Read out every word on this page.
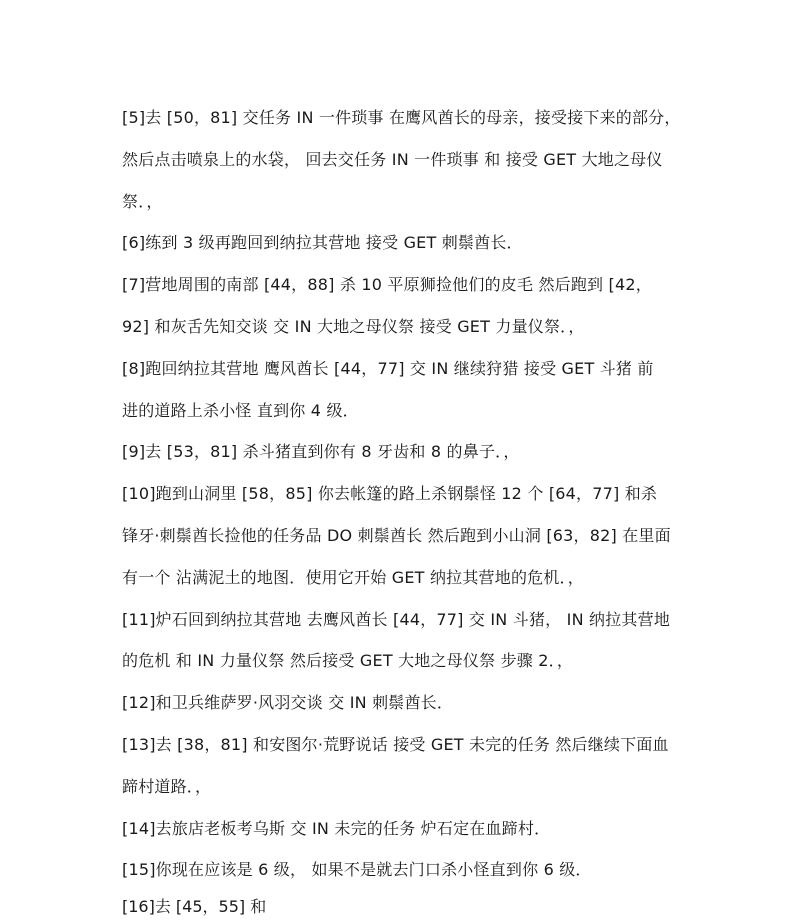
[5]去 [50，81] 交任务 IN 一件琐事 在鹰风酋长的母亲，接受接下来的部分，
然后点击喷泉上的水袋， 回去交任务 IN 一件琐事 和 接受 GET 大地之母仪
祭．，
[6]练到 3 级再跑回到纳拉其营地 接受 GET 刺鬃酋长．
[7]营地周围的南部 [44，88] 杀 10 平原狮捡他们的皮毛 然后跑到 [42，
92] 和灰舌先知交谈 交 IN 大地之母仪祭 接受 GET 力量仪祭．，
[8]跑回纳拉其营地 鹰风酋长 [44，77] 交 IN 继续狩猎 接受 GET 斗猪 前
进的道路上杀小怪 直到你 4 级．
[9]去 [53，81] 杀斗猪直到你有 8 牙齿和 8 的鼻子．，
[10]跑到山洞里 [58，85] 你去帐篷的路上杀钢鬃怪 12 个 [64，77] 和杀
锋牙·刺鬃酋长捡他的任务品 DO 刺鬃酋长 然后跑到小山洞 [63，82] 在里面
有一个 沾满泥土的地图．使用它开始 GET 纳拉其营地的危机．，
[11]炉石回到纳拉其营地 去鹰风酋长 [44，77] 交 IN 斗猪， IN 纳拉其营地
的危机 和 IN 力量仪祭 然后接受 GET 大地之母仪祭 步骤 2．，
[12]和卫兵维萨罗·风羽交谈 交 IN 刺鬃酋长．
[13]去 [38，81] 和安图尔·荒野说话 接受 GET 未完的任务 然后继续下面血
蹄村道路．，
[14]去旅店老板考乌斯 交 IN 未完的任务 炉石定在血蹄村．
[15]你现在应该是 6 级， 如果不是就去门口杀小怪直到你 6 级．
[16]去 [45，55] 和
